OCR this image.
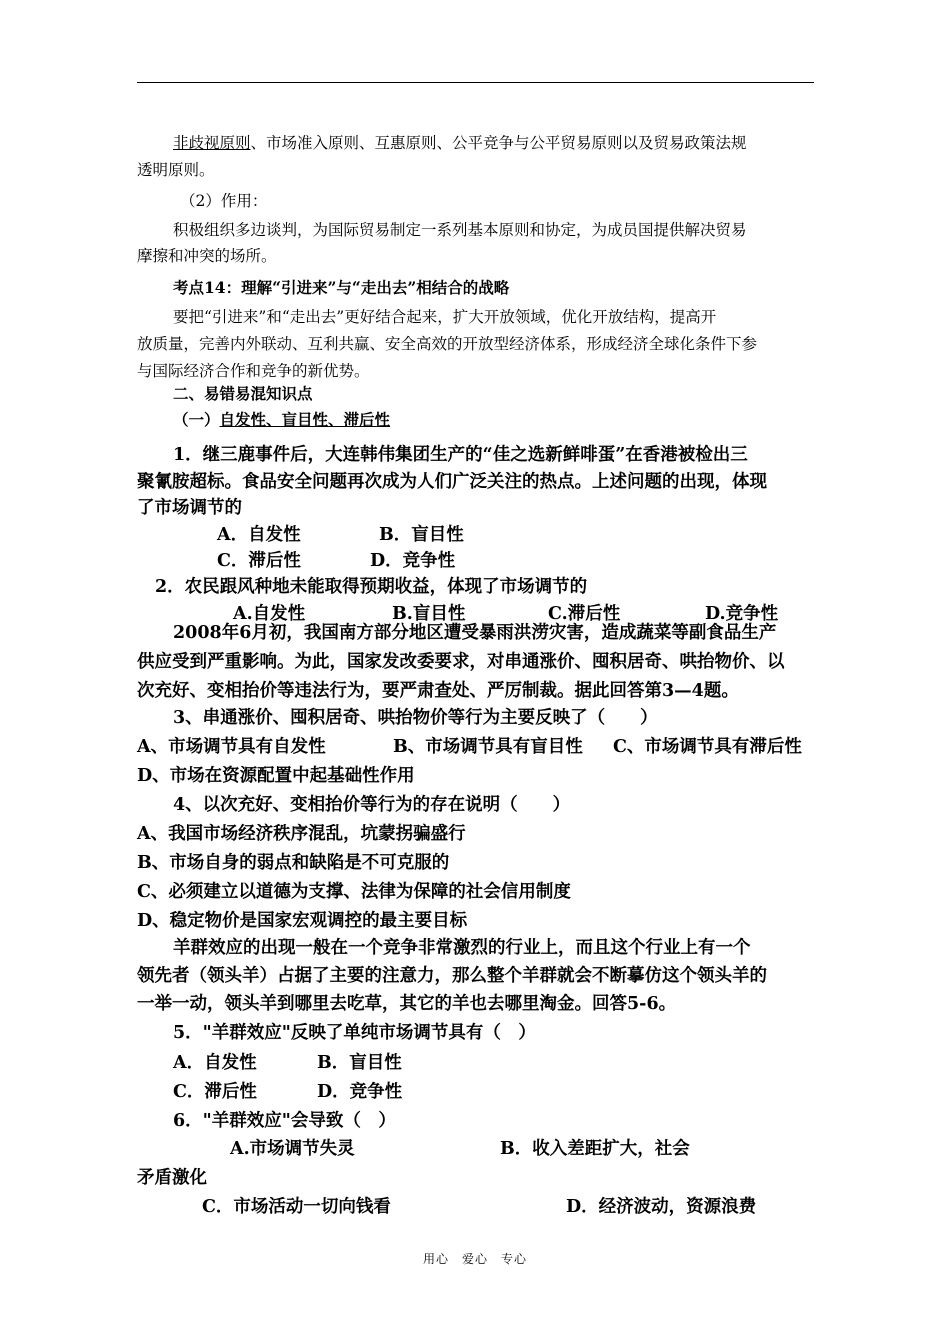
非歧视原则、市场准入原则、互惠原则、公平竞争与公平贸易原则以及贸易政策法规
透明原则。
（2）作用：
积极组织多边谈判，为国际贸易制定一系列基本原则和协定，为成员国提供解决贸易
摩擦和冲突的场所。
考点14：理解“引进来”与“走出去”相结合的战略
要把“引进来”和“走出去”更好结合起来，扩大开放领域，优化开放结构，提高开
放质量，完善内外联动、互利共赢、安全高效的开放型经济体系，形成经济全球化条件下参
与国际经济合作和竞争的新优势。
二、易错易混知识点
（一）自发性、盲目性、滞后性
1．继三鹿事件后，大连韩伟集团生产的“佳之选新鲜啡蛋”在香港被检出三
聚氰胺超标。食品安全问题再次成为人们广泛关注的热点。上述问题的出现，体现
了市场调节的
A．自发性	B．盲目性
C．滞后性	D．竞争性
2．农民跟风种地未能取得预期收益，体现了市场调节的
A.自发性	B.盲目性	C.滞后性	D.竞争性
2008年6月初，我国南方部分地区遭受暴雨洪涝灾害，造成蔬菜等副食品生产
供应受到严重影响。为此，国家发改委要求，对串通涨价、囤积居奇、哄抬物价、以
次充好、变相抬价等违法行为，要严肃查处、严厉制裁。据此回答第3—4题。
3、串通涨价、囤积居奇、哄抬物价等行为主要反映了（　　）
A、市场调节具有自发性	B、市场调节具有盲目性 C、市场调节具有滞后性
D、市场在资源配置中起基础性作用
4、以次充好、变相抬价等行为的存在说明（　　）
A、我国市场经济秩序混乱，坑蒙拐骗盛行
B、市场自身的弱点和缺陷是不可克服的
C、必须建立以道德为支撑、法律为保障的社会信用制度
D、稳定物价是国家宏观调控的最主要目标
羊群效应的出现一般在一个竞争非常激烈的行业上，而且这个行业上有一个
领先者（领头羊）占据了主要的注意力，那么整个羊群就会不断摹仿这个领头羊的
一举一动，领头羊到哪里去吃草，其它的羊也去哪里淘金。回答5-6。
5．"羊群效应"反映了单纯市场调节具有（　）
A．自发性	B．盲目性
C．滞后性	D．竞争性
6．"羊群效应"会导致（　）
A.市场调节失灵	B．收入差距扩大，社会
矛盾激化
C．市场活动一切向钱看	D．经济波动，资源浪费
用心　爱心　专心
